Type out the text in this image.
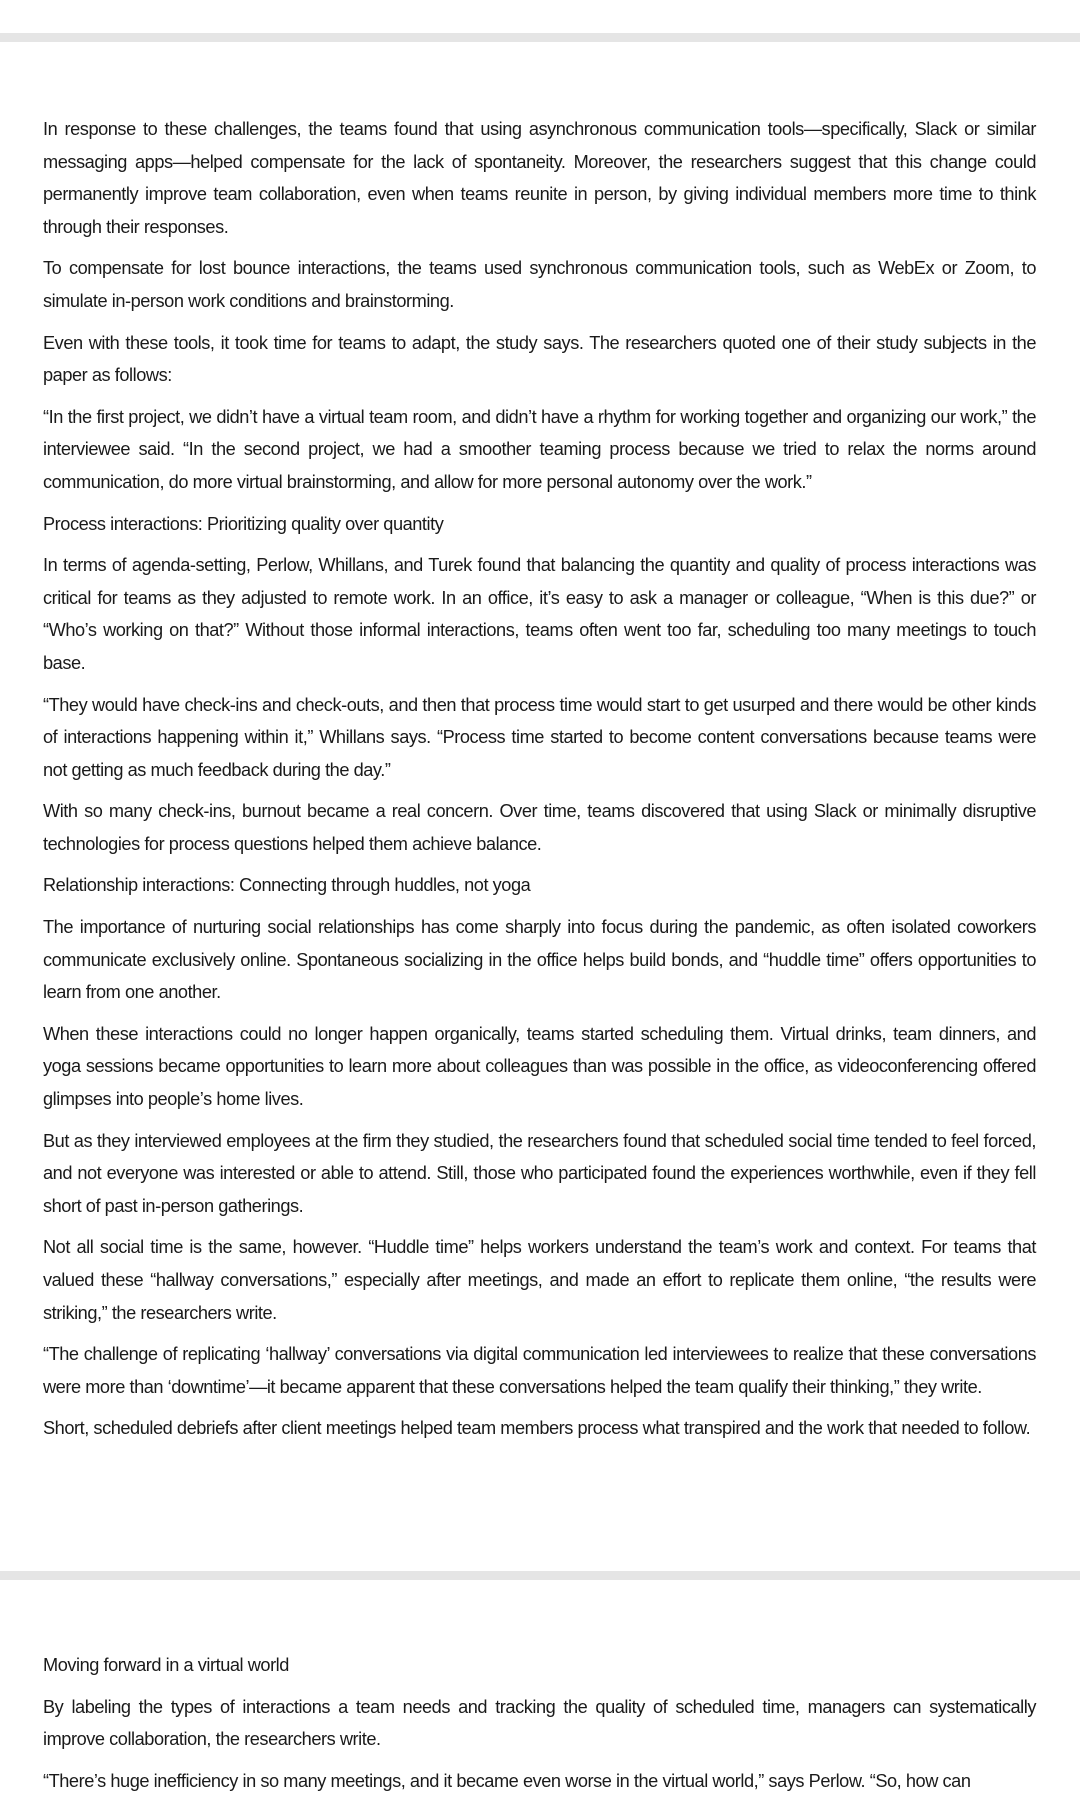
In response to these challenges, the teams found that using asynchronous communication tools—specifically, Slack or similar messaging apps—helped compensate for the lack of spontaneity. Moreover, the researchers suggest that this change could permanently improve team collaboration, even when teams reunite in person, by giving individual members more time to think through their responses.

To compensate for lost bounce interactions, the teams used synchronous communication tools, such as WebEx or Zoom, to simulate in-person work conditions and brainstorming.

Even with these tools, it took time for teams to adapt, the study says. The researchers quoted one of their study subjects in the paper as follows:

“In the first project, we didn’t have a virtual team room, and didn’t have a rhythm for working together and organizing our work,” the interviewee said. “In the second project, we had a smoother teaming process because we tried to relax the norms around communication, do more virtual brainstorming, and allow for more personal autonomy over the work.”

Process interactions: Prioritizing quality over quantity

In terms of agenda-setting, Perlow, Whillans, and Turek found that balancing the quantity and quality of process interactions was critical for teams as they adjusted to remote work. In an office, it’s easy to ask a manager or colleague, “When is this due?” or “Who’s working on that?” Without those informal interactions, teams often went too far, scheduling too many meetings to touch base.

“They would have check-ins and check-outs, and then that process time would start to get usurped and there would be other kinds of interactions happening within it,” Whillans says. “Process time started to become content conversations because teams were not getting as much feedback during the day.”

With so many check-ins, burnout became a real concern. Over time, teams discovered that using Slack or minimally disruptive technologies for process questions helped them achieve balance.

Relationship interactions: Connecting through huddles, not yoga

The importance of nurturing social relationships has come sharply into focus during the pandemic, as often isolated coworkers communicate exclusively online. Spontaneous socializing in the office helps build bonds, and “huddle time” offers opportunities to learn from one another.

When these interactions could no longer happen organically, teams started scheduling them. Virtual drinks, team dinners, and yoga sessions became opportunities to learn more about colleagues than was possible in the office, as videoconferencing offered glimpses into people’s home lives.

But as they interviewed employees at the firm they studied, the researchers found that scheduled social time tended to feel forced, and not everyone was interested or able to attend. Still, those who participated found the experiences worthwhile, even if they fell short of past in-person gatherings.

Not all social time is the same, however. “Huddle time” helps workers understand the team’s work and context. For teams that valued these “hallway conversations,” especially after meetings, and made an effort to replicate them online, “the results were striking,” the researchers write.

“The challenge of replicating ‘hallway’ conversations via digital communication led interviewees to realize that these conversations were more than ‘downtime’—it became apparent that these conversations helped the team qualify their thinking,” they write.

Short, scheduled debriefs after client meetings helped team members process what transpired and the work that needed to follow.

Moving forward in a virtual world

By labeling the types of interactions a team needs and tracking the quality of scheduled time, managers can systematically improve collaboration, the researchers write.

“There’s huge inefficiency in so many meetings, and it became even worse in the virtual world,” says Perlow. “So, how can
